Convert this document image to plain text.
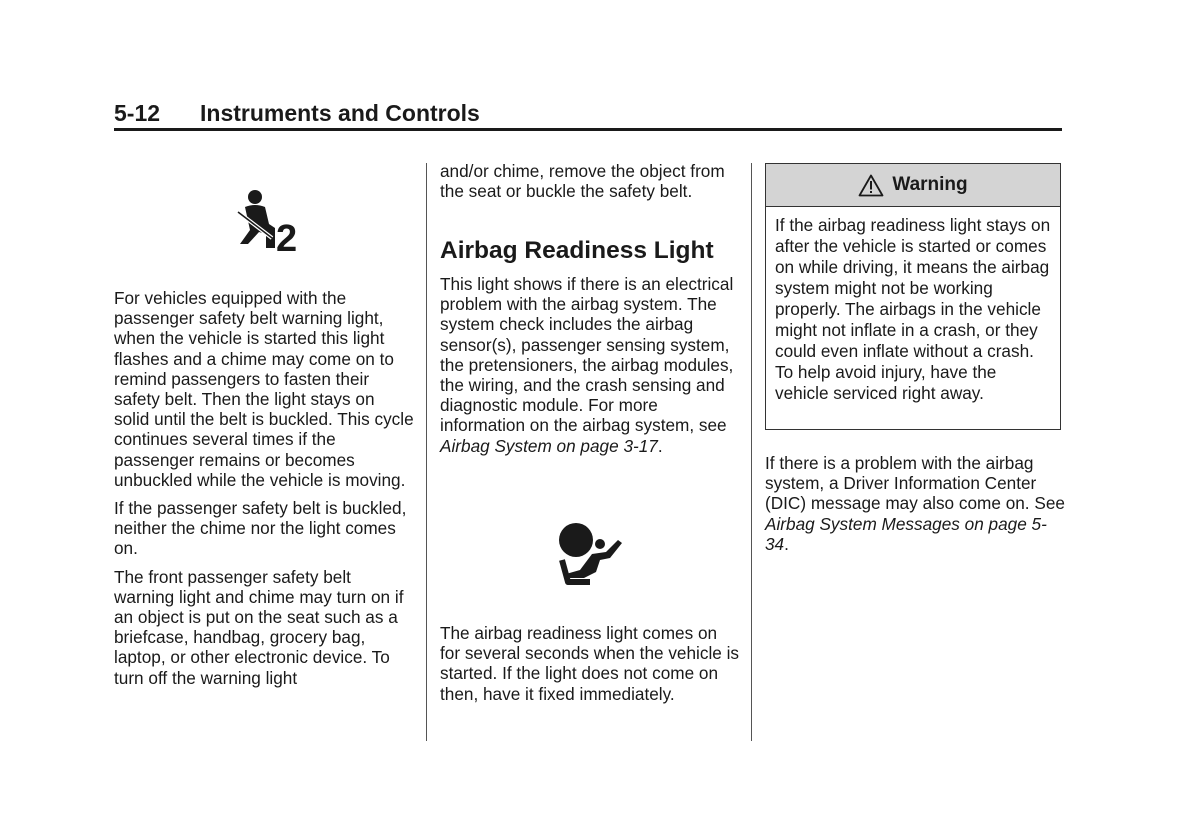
5-12 Instruments and Controls
2

For vehicles equipped with the passenger safety belt warning light, when the vehicle is started this light flashes and a chime may come on to remind passengers to fasten their safety belt. Then the light stays on solid until the belt is buckled. This cycle continues several times if the passenger remains or becomes unbuckled while the vehicle is moving.

If the passenger safety belt is buckled, neither the chime nor the light comes on.

The front passenger safety belt warning light and chime may turn on if an object is put on the seat such as a briefcase, handbag, grocery bag, laptop, or other electronic device. To turn off the warning light

and/or chime, remove the object from the seat or buckle the safety belt.

Airbag Readiness Light

This light shows if there is an electrical problem with the airbag system. The system check includes the airbag sensor(s), passenger sensing system, the pretensioners, the airbag modules, the wiring, and the crash sensing and diagnostic module. For more information on the airbag system, see Airbag System on page 3-17.

The airbag readiness light comes on for several seconds when the vehicle is started. If the light does not come on then, have it fixed immediately.

Warning
If the airbag readiness light stays on after the vehicle is started or comes on while driving, it means the airbag system might not be working properly. The airbags in the vehicle might not inflate in a crash, or they could even inflate without a crash. To help avoid injury, have the vehicle serviced right away.

If there is a problem with the airbag system, a Driver Information Center (DIC) message may also come on. See Airbag System Messages on page 5-34.
